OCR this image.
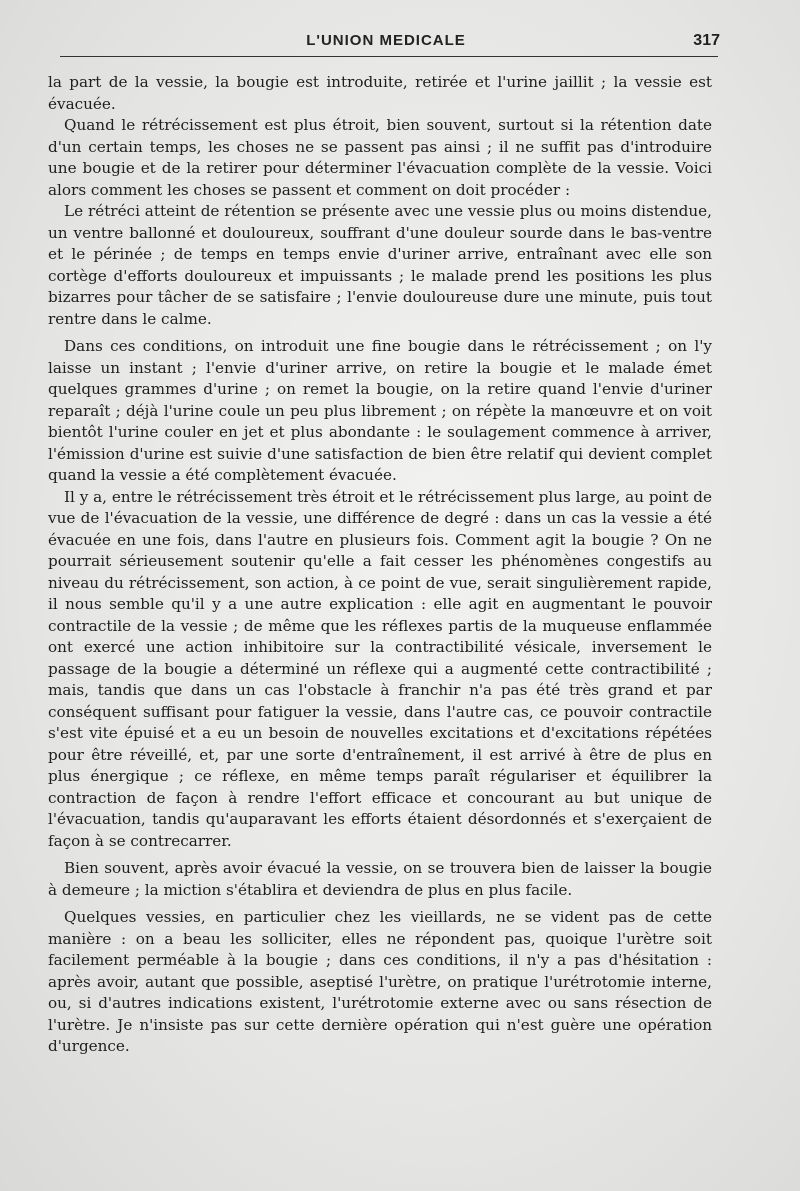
L'UNION MEDICALE	317

la part de la vessie, la bougie est introduite, retirée et l'urine jaillit ; la vessie est évacuée.

Quand le rétrécissement est plus étroit, bien souvent, surtout si la rétention date d'un certain temps, les choses ne se passent pas ainsi ; il ne suffit pas d'introduire une bougie et de la retirer pour déterminer l'évacuation complète de la vessie. Voici alors comment les choses se passent et comment on doit procéder :

Le rétréci atteint de rétention se présente avec une vessie plus ou moins distendue, un ventre ballonné et douloureux, souffrant d'une douleur sourde dans le bas-ventre et le périnée ; de temps en temps envie d'uriner arrive, entraînant avec elle son cortège d'efforts douloureux et impuissants ; le malade prend les positions les plus bizarres pour tâcher de se satisfaire ; l'envie douloureuse dure une minute, puis tout rentre dans le calme.

Dans ces conditions, on introduit une fine bougie dans le rétrécissement ; on l'y laisse un instant ; l'envie d'uriner arrive, on retire la bougie et le malade émet quelques grammes d'urine ; on remet la bougie, on la retire quand l'envie d'uriner reparaît ; déjà l'urine coule un peu plus librement ; on répète la manœuvre et on voit bientôt l'urine couler en jet et plus abondante : le soulagement commence à arriver, l'émission d'urine est suivie d'une satisfaction de bien être relatif qui devient complet quand la vessie a été complètement évacuée.

Il y a, entre le rétrécissement très étroit et le rétrécissement plus large, au point de vue de l'évacuation de la vessie, une différence de degré : dans un cas la vessie a été évacuée en une fois, dans l'autre en plusieurs fois. Comment agit la bougie ? On ne pourrait sérieusement soutenir qu'elle a fait cesser les phénomènes congestifs au niveau du rétrécissement, son action, à ce point de vue, serait singulièrement rapide, il nous semble qu'il y a une autre explication : elle agit en augmentant le pouvoir contractile de la vessie ; de même que les réflexes partis de la muqueuse enflammée ont exercé une action inhibitoire sur la contractibilité vésicale, inversement le passage de la bougie a déterminé un réflexe qui a augmenté cette contractibilité ; mais, tandis que dans un cas l'obstacle à franchir n'a pas été très grand et par conséquent suffisant pour fatiguer la vessie, dans l'autre cas, ce pouvoir contractile s'est vite épuisé et a eu un besoin de nouvelles excitations et d'excitations répétées pour être réveillé, et, par une sorte d'entraînement, il est arrivé à être de plus en plus énergique ; ce réflexe, en même temps paraît régulariser et équilibrer la contraction de façon à rendre l'effort efficace et concourant au but unique de l'évacuation, tandis qu'auparavant les efforts étaient désordonnés et s'exerçaient de façon à se contrecarrer.

Bien souvent, après avoir évacué la vessie, on se trouvera bien de laisser la bougie à demeure ; la miction s'établira et deviendra de plus en plus facile.

Quelques vessies, en particulier chez les vieillards, ne se vident pas de cette manière : on a beau les solliciter, elles ne répondent pas, quoique l'urètre soit facilement perméable à la bougie ; dans ces conditions, il n'y a pas d'hésitation : après avoir, autant que possible, aseptisé l'urètre, on pratique l'urétrotomie interne, ou, si d'autres indications existent, l'urétrotomie externe avec ou sans résection de l'urètre. Je n'insiste pas sur cette dernière opération qui n'est guère une opération d'urgence.
